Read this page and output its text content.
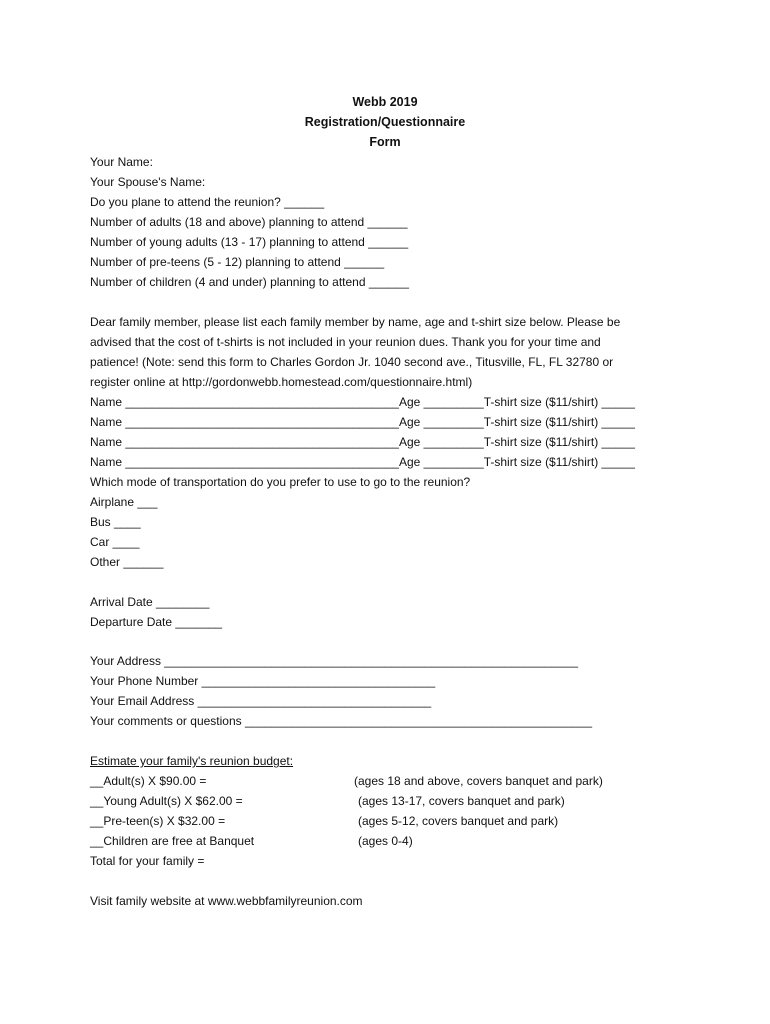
Webb 2019
Registration/Questionnaire
Form
Your Name:
Your Spouse's Name:
Do you plane to attend the reunion? ______
Number of adults (18 and above) planning to attend ______
Number of young adults (13 - 17) planning to attend ______
Number of pre-teens (5 - 12) planning to attend ______
Number of children (4 and under) planning to attend ______
Dear family member, please list each family member by name, age and t-shirt size below. Please be
advised that the cost of t-shirts is not included in your reunion dues. Thank you for your time and
patience! (Note: send this form to Charles Gordon Jr. 1040 second ave., Titusville, FL, FL 32780 or
register online at http://gordonwebb.homestead.com/questionnaire.html)
Name _________________________________________Age _________T-shirt size ($11/shirt) _____
Name _________________________________________Age _________T-shirt size ($11/shirt) _____
Name _________________________________________Age _________T-shirt size ($11/shirt) _____
Name _________________________________________Age _________T-shirt size ($11/shirt) _____
Which mode of transportation do you prefer to use to go to the reunion?
Airplane ___
Bus ____
Car ____
Other ______
Arrival Date ________
Departure Date _______
Your Address ______________________________________________________________
Your Phone Number ___________________________________
Your Email Address ___________________________________
Your comments or questions ____________________________________________________
Estimate your family's reunion budget:
__Adult(s) X $90.00 =	(ages 18 and above, covers banquet and park)
__Young Adult(s) X $62.00 =	(ages 13-17, covers banquet and park)
__Pre-teen(s) X $32.00 =	(ages 5-12, covers banquet and park)
__Children are free at Banquet	(ages 0-4)
Total for your family =
Visit family website at www.webbfamilyreunion.com
